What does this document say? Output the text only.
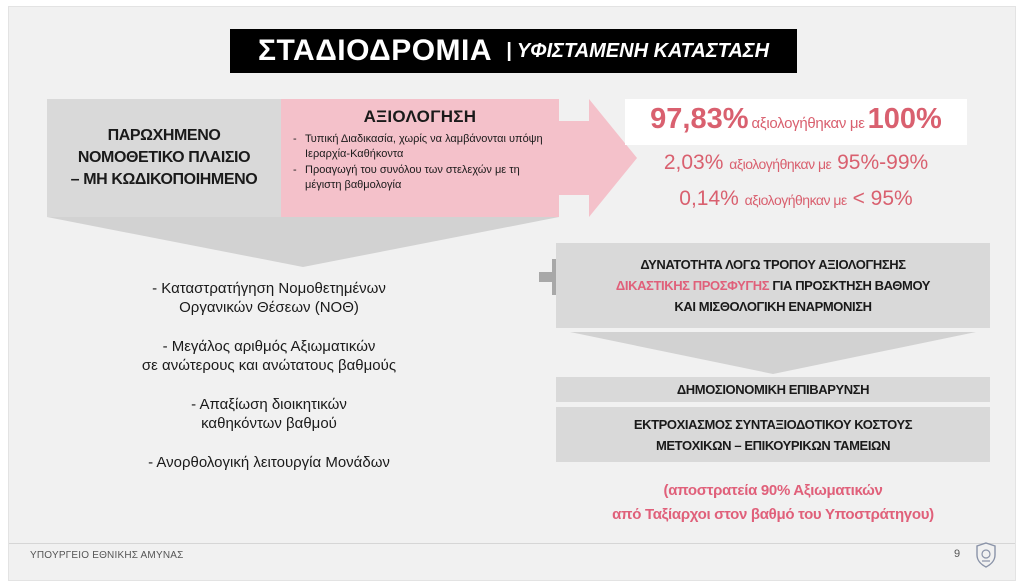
ΣΤΑΔΙΟΔΡΟΜΙΑ | ΥΦΙΣΤΑΜΕΝΗ ΚΑΤΑΣΤΑΣΗ
ΠΑΡΩΧΗΜΕΝΟ
ΝΟΜΟΘΕΤΙΚΟ ΠΛΑΙΣΙΟ
– ΜΗ ΚΩΔΙΚΟΠΟΙΗΜΕΝΟ
ΑΞΙΟΛΟΓΗΣΗ
- Τυπική Διαδικασία, χωρίς να λαμβάνονται υπόψη Ιεραρχία-Καθήκοντα
- Προαγωγή του συνόλου των στελεχών με τη μέγιστη βαθμολογία
97,83% αξιολογήθηκαν με 100%
2,03% αξιολογήθηκαν με 95%-99%
0,14% αξιολογήθηκαν με < 95%
- Καταστρατήγηση Νομοθετημένων
Οργανικών Θέσεων (ΝΟΘ)
- Μεγάλος αριθμός Αξιωματικών
σε ανώτερους και ανώτατους βαθμούς
- Απαξίωση διοικητικών
καθηκόντων βαθμού
- Ανορθολογική λειτουργία Μονάδων
ΔΥΝΑΤΟΤΗΤΑ ΛΟΓΩ ΤΡΟΠΟΥ ΑΞΙΟΛΟΓΗΣΗΣ
ΔΙΚΑΣΤΙΚΗΣ ΠΡΟΣΦΥΓΗΣ ΓΙΑ ΠΡΟΣΚΤΗΣΗ ΒΑΘΜΟΥ
ΚΑΙ ΜΙΣΘΟΛΟΓΙΚΗ ΕΝΑΡΜΟΝΙΣΗ
ΔΗΜΟΣΙΟΝΟΜΙΚΗ ΕΠΙΒΑΡΥΝΣΗ
ΕΚΤΡΟΧΙΑΣΜΟΣ ΣΥΝΤΑΞΙΟΔΟΤΙΚΟΥ ΚΟΣΤΟΥΣ
ΜΕΤΟΧΙΚΩΝ – ΕΠΙΚΟΥΡΙΚΩΝ ΤΑΜΕΙΩΝ
(αποστρατεία 90% Αξιωματικών
από Ταξίαρχοι στον βαθμό του Υποστράτηγου)
ΥΠΟΥΡΓΕΙΟ ΕΘΝΙΚΗΣ ΑΜΥΝΑΣ	9
